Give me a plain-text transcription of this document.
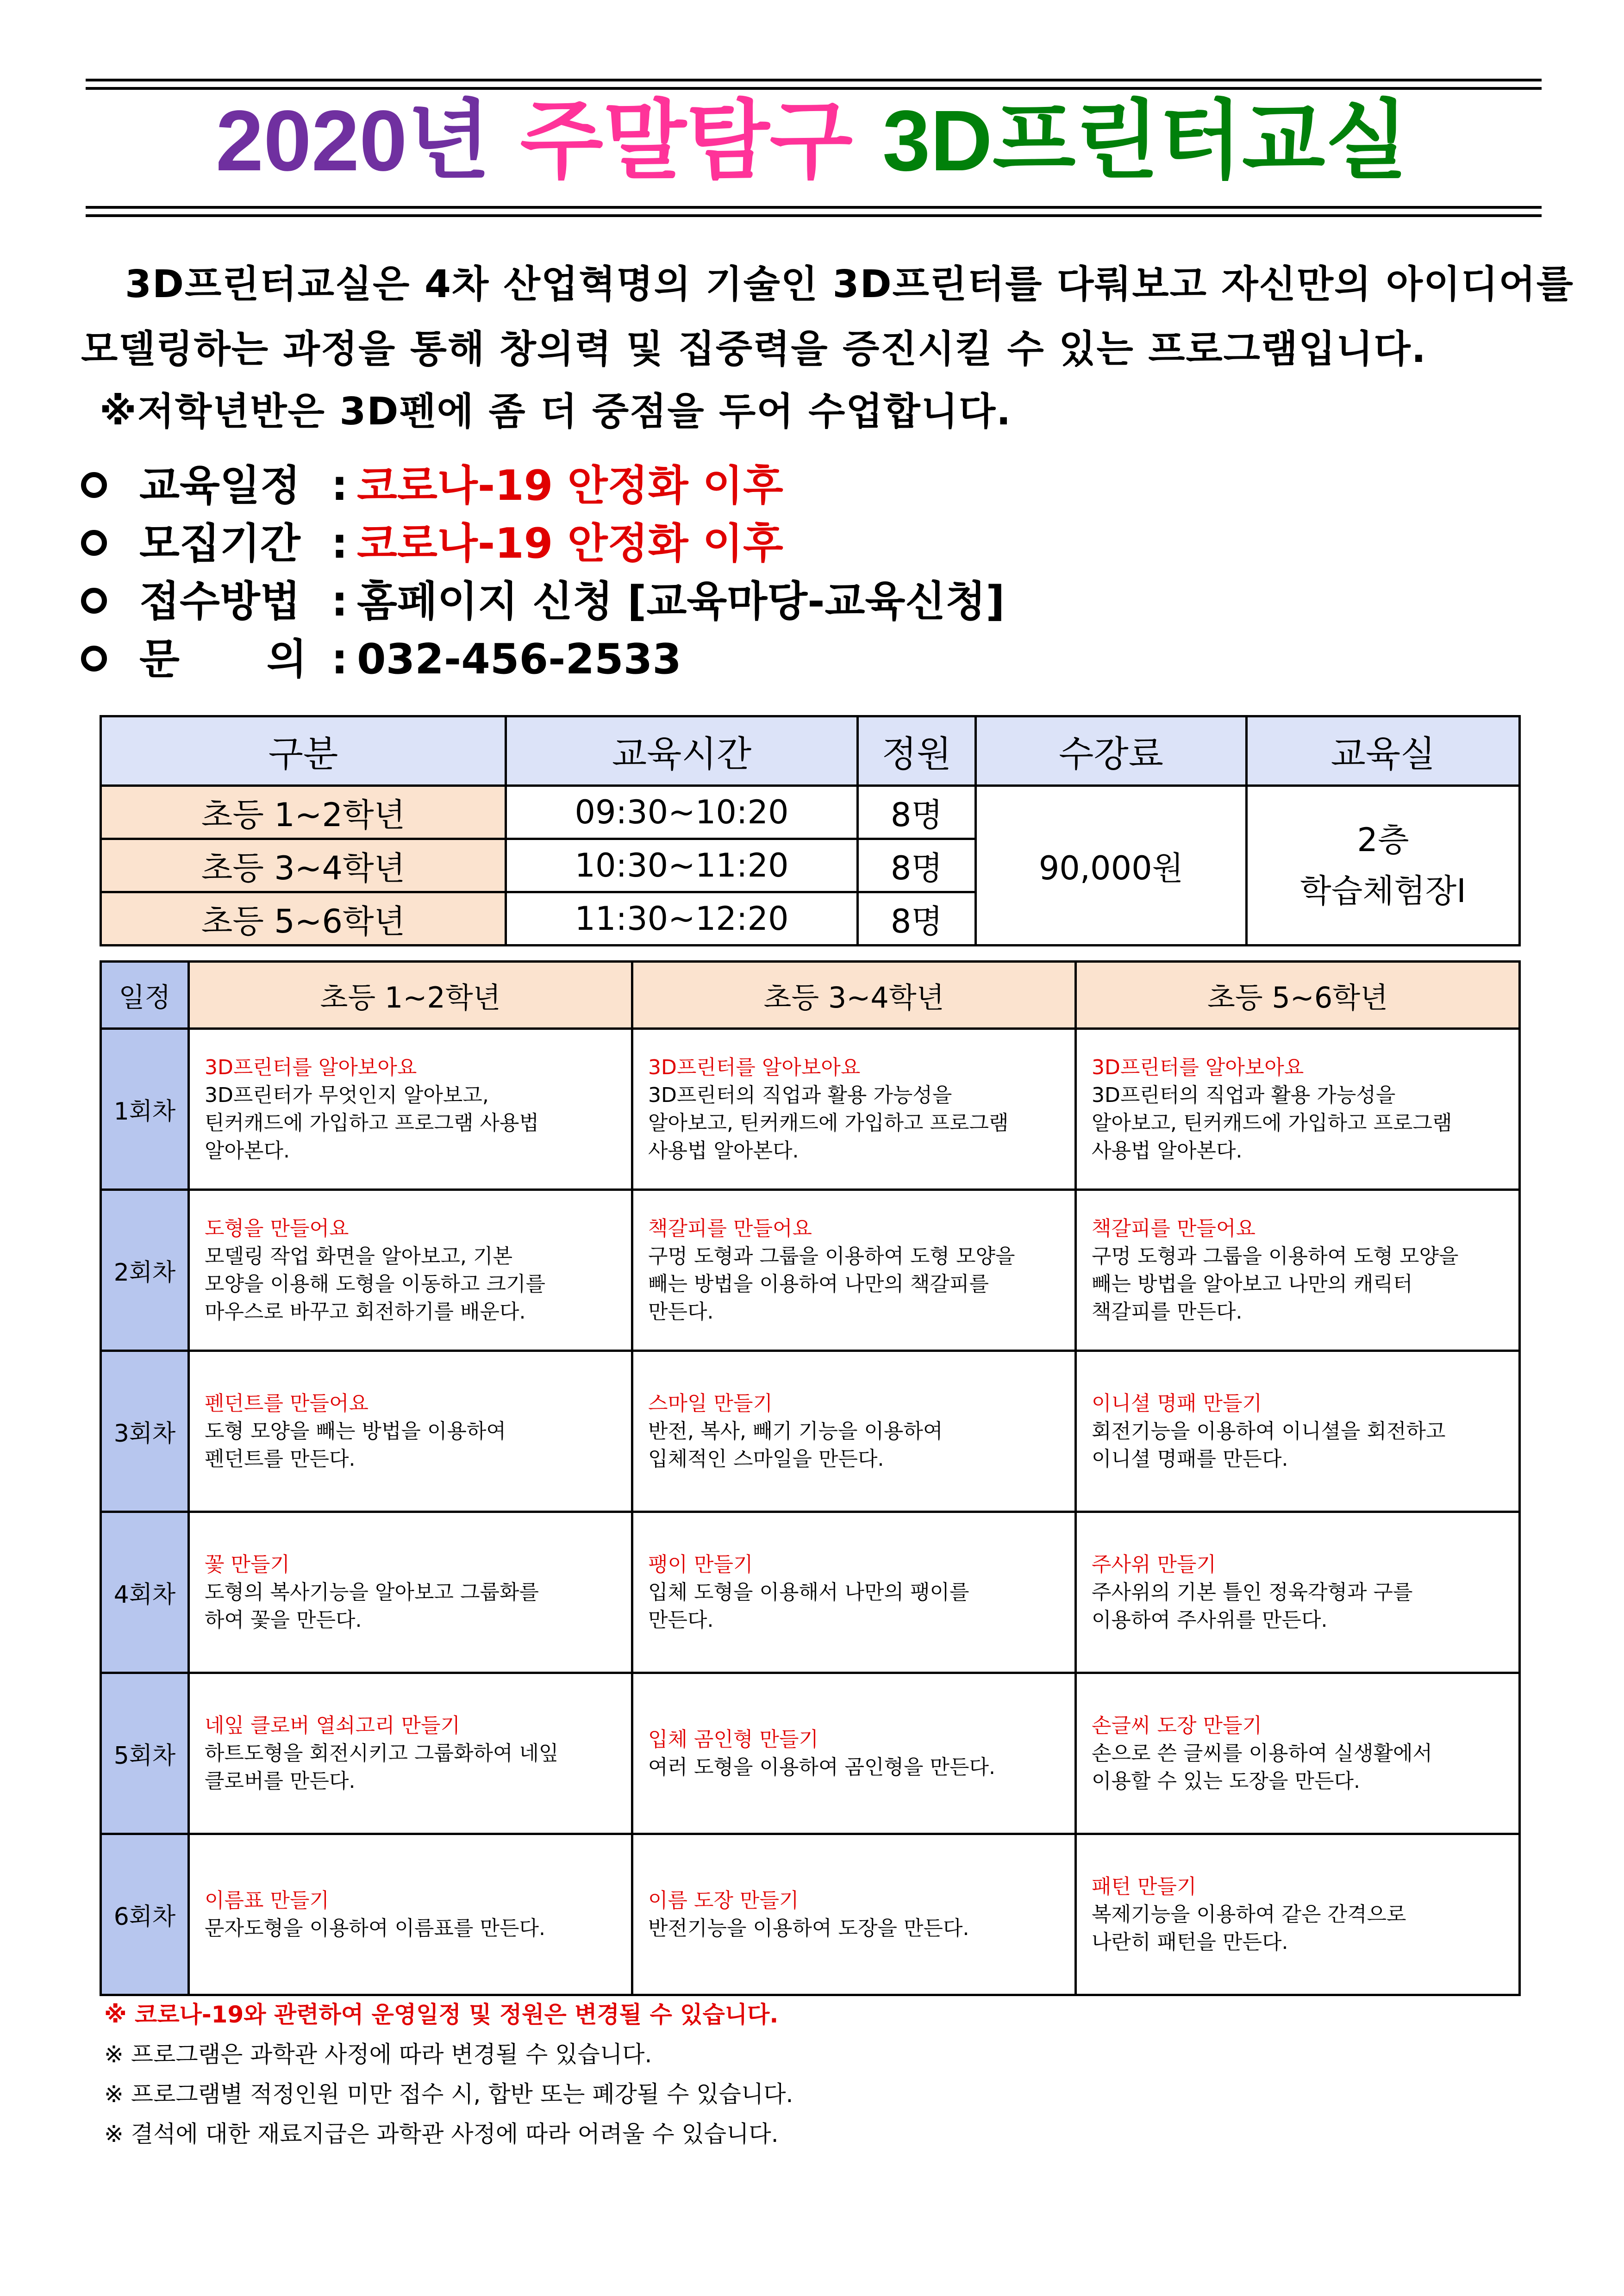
2020년 주말탐구 3D프린터교실
3D프린터교실은 4차 산업혁명의 기술인 3D프린터를 다뤄보고 자신만의 아이디어를
모델링하는 과정을 통해 창의력 및 집중력을 증진시킬 수 있는 프로그램입니다.
※저학년반은 3D펜에 좀 더 중점을 두어 수업합니다.
교육일정 : 코로나-19 안정화 이후
모집기간 : 코로나-19 안정화 이후
접수방법 : 홈페이지 신청 [교육마당-교육신청]
문      의 : 032-456-2533
구분	교육시간	정원	수강료	교육실
초등 1~2학년	09:30~10:20	8명	90,000원	2층
학습체험장Ⅰ
초등 3~4학년	10:30~11:20	8명		
초등 5~6학년	11:30~12:20	8명		
일정	초등 1~2학년	초등 3~4학년	초등 5~6학년
1회차	3D프린터를 알아보아요
3D프린터가 무엇인지 알아보고,
틴커캐드에 가입하고 프로그램 사용법
알아본다.	3D프린터를 알아보아요
3D프린터의 직업과 활용 가능성을
알아보고, 틴커캐드에 가입하고 프로그램
사용법 알아본다.	3D프린터를 알아보아요
3D프린터의 직업과 활용 가능성을
알아보고, 틴커캐드에 가입하고 프로그램
사용법 알아본다.

2회차	도형을 만들어요
모델링 작업 화면을 알아보고, 기본
모양을 이용해 도형을 이동하고 크기를
마우스로 바꾸고 회전하기를 배운다.	책갈피를 만들어요
구멍 도형과 그룹을 이용하여 도형 모양을
빼는 방법을 이용하여 나만의 책갈피를
만든다.	책갈피를 만들어요
구멍 도형과 그룹을 이용하여 도형 모양을
빼는 방법을 알아보고 나만의 캐릭터
책갈피를 만든다.

3회차	펜던트를 만들어요
도형 모양을 빼는 방법을 이용하여
펜던트를 만든다.	스마일 만들기
반전, 복사, 빼기 기능을 이용하여
입체적인 스마일을 만든다.	이니셜 명패 만들기
회전기능을 이용하여 이니셜을 회전하고
이니셜 명패를 만든다.

4회차	꽃 만들기
도형의 복사기능을 알아보고 그룹화를
하여 꽃을 만든다.	팽이 만들기
입체 도형을 이용해서 나만의 팽이를
만든다.	주사위 만들기
주사위의 기본 틀인 정육각형과 구를
이용하여 주사위를 만든다.

5회차	네잎 클로버 열쇠고리 만들기
하트도형을 회전시키고 그룹화하여 네잎
클로버를 만든다.	입체 곰인형 만들기
여러 도형을 이용하여 곰인형을 만든다.	손글씨 도장 만들기
손으로 쓴 글씨를 이용하여 실생활에서
이용할 수 있는 도장을 만든다.

6회차	이름표 만들기
문자도형을 이용하여 이름표를 만든다.	이름 도장 만들기
반전기능을 이용하여 도장을 만든다.	패턴 만들기
복제기능을 이용하여 같은 간격으로
나란히 패턴을 만든다.
※ 코로나-19와 관련하여 운영일정 및 정원은 변경될 수 있습니다.
※ 프로그램은 과학관 사정에 따라 변경될 수 있습니다.
※ 프로그램별 적정인원 미만 접수 시, 합반 또는 폐강될 수 있습니다.
※ 결석에 대한 재료지급은 과학관 사정에 따라 어려울 수 있습니다.
